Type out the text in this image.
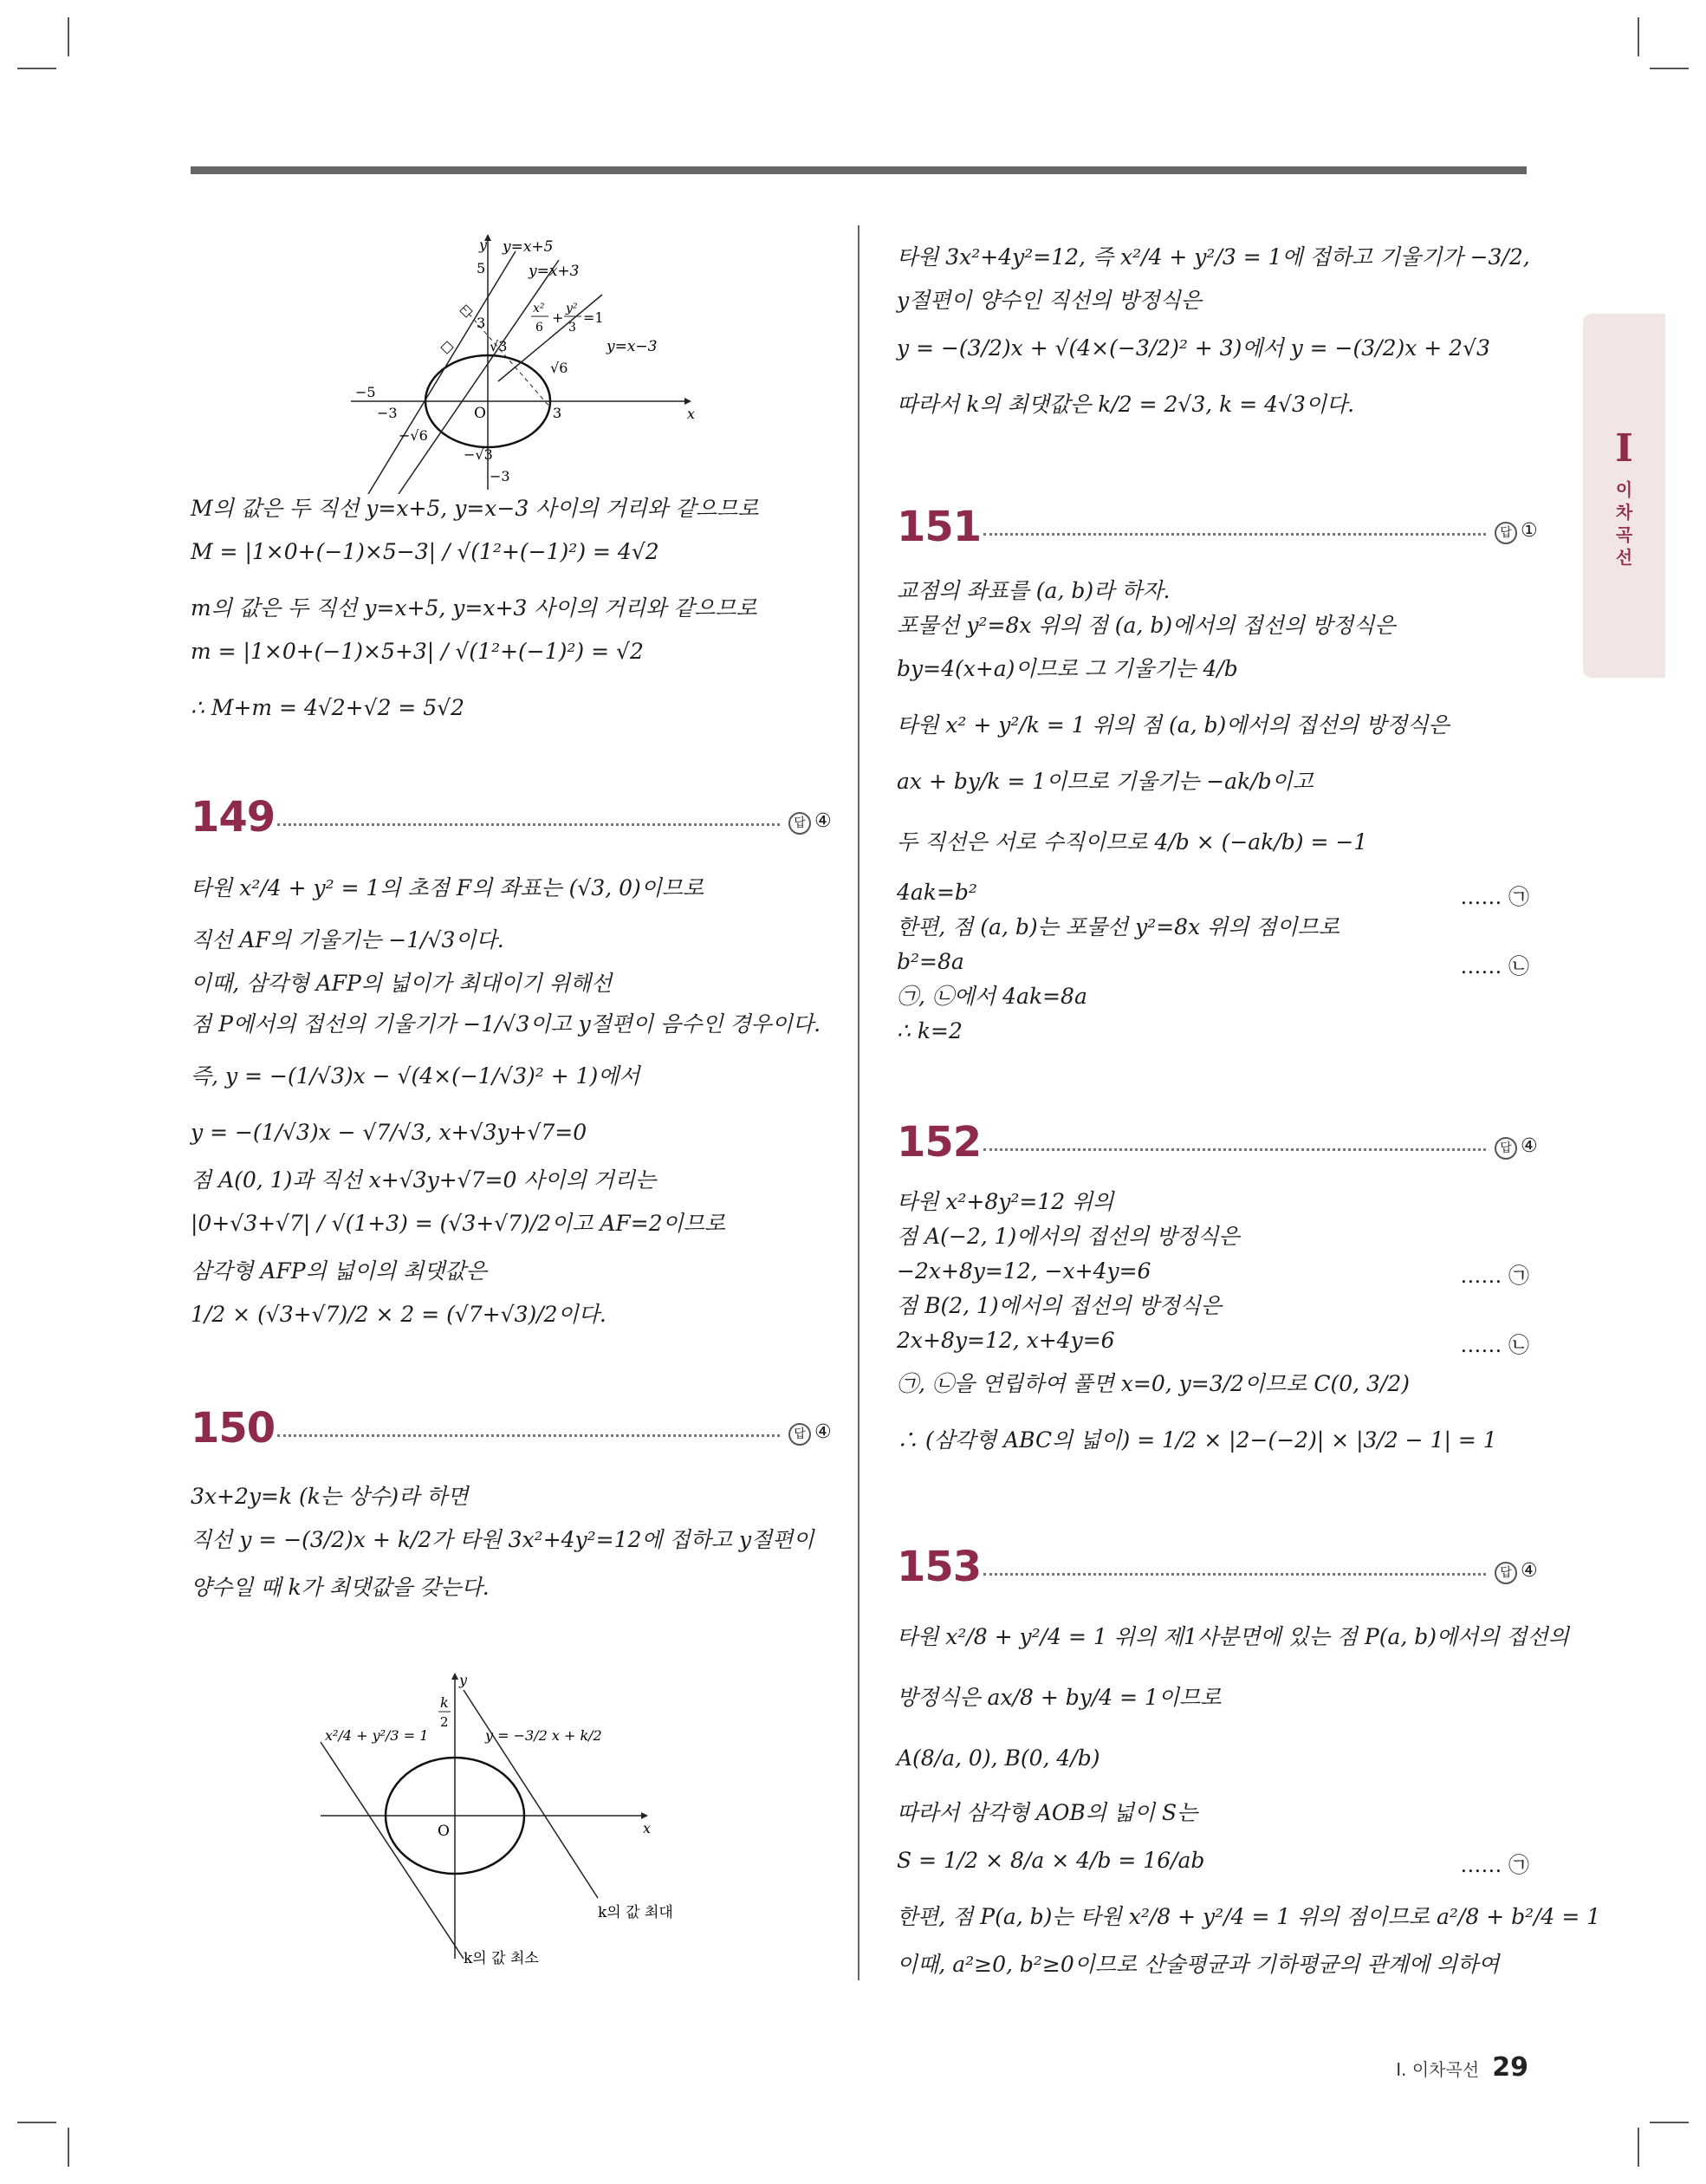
I
이차곡선
y
x
O
y=x+5
y=x+3
y=x−3
x²
6
+
y²
3
=1
5
3
√3
√6
−5
−3
−√6
3
−√3
−3
M의 값은 두 직선 y=x+5, y=x−3 사이의 거리와 같으므로
M = |1×0+(−1)×5−3| / √(1²+(−1)²) = 4√2
m의 값은 두 직선 y=x+5, y=x+3 사이의 거리와 같으므로
m = |1×0+(−1)×5+3| / √(1²+(−1)²) = √2
∴ M+m = 4√2+√2 = 5√2
149	답 ④
타원 x²/4 + y² = 1의 초점 F의 좌표는 (√3, 0)이므로
직선 AF의 기울기는 −1/√3이다.
이때, 삼각형 AFP의 넓이가 최대이기 위해선
점 P에서의 접선의 기울기가 −1/√3이고 y절편이 음수인 경우이다.
즉, y = −(1/√3)x − √(4×(−1/√3)² + 1)에서
y = −(1/√3)x − √7/√3, x+√3y+√7=0
점 A(0, 1)과 직선 x+√3y+√7=0 사이의 거리는
|0+√3+√7| / √(1+3) = (√3+√7)/2이고 AF=2이므로
삼각형 AFP의 넓이의 최댓값은
1/2 × (√3+√7)/2 × 2 = (√7+√3)/2이다.
150	답 ④
3x+2y=k (k는 상수)라 하면
직선 y = −(3/2)x + k/2가 타원 3x²+4y²=12에 접하고 y절편이
양수일 때 k가 최댓값을 갖는다.
y
x
O
k
2
x²/4 + y²/3 = 1	y = −3/2 x + k/2
k의 값 최대
k의 값 최소
타원 3x²+4y²=12, 즉 x²/4 + y²/3 = 1에 접하고 기울기가 −3/2,
y절편이 양수인 직선의 방정식은
y = −(3/2)x + √(4×(−3/2)² + 3)에서 y = −(3/2)x + 2√3
따라서 k의 최댓값은 k/2 = 2√3, k = 4√3이다.
151	답 ①
교점의 좌표를 (a, b)라 하자.
포물선 y²=8x 위의 점 (a, b)에서의 접선의 방정식은
by=4(x+a)이므로 그 기울기는 4/b
타원 x² + y²/k = 1 위의 점 (a, b)에서의 접선의 방정식은
ax + by/k = 1이므로 기울기는 −ak/b이고
두 직선은 서로 수직이므로 4/b × (−ak/b) = −1
4ak=b²	…… ㉠
한편, 점 (a, b)는 포물선 y²=8x 위의 점이므로
b²=8a	…… ㉡
㉠, ㉡에서 4ak=8a
∴ k=2
152	답 ④
타원 x²+8y²=12 위의
점 A(−2, 1)에서의 접선의 방정식은
−2x+8y=12, −x+4y=6	…… ㉠
점 B(2, 1)에서의 접선의 방정식은
2x+8y=12, x+4y=6	…… ㉡
㉠, ㉡을 연립하여 풀면 x=0, y=3/2이므로 C(0, 3/2)
∴ (삼각형 ABC의 넓이) = 1/2 × |2−(−2)| × |3/2 − 1| = 1
153	답 ④
타원 x²/8 + y²/4 = 1 위의 제1사분면에 있는 점 P(a, b)에서의 접선의
방정식은 ax/8 + by/4 = 1이므로
A(8/a, 0), B(0, 4/b)
따라서 삼각형 AOB의 넓이 S는
S = 1/2 × 8/a × 4/b = 16/ab	…… ㉠
한편, 점 P(a, b)는 타원 x²/8 + y²/4 = 1 위의 점이므로 a²/8 + b²/4 = 1
이때, a²≥0, b²≥0이므로 산술평균과 기하평균의 관계에 의하여
Ⅰ. 이차곡선 29
